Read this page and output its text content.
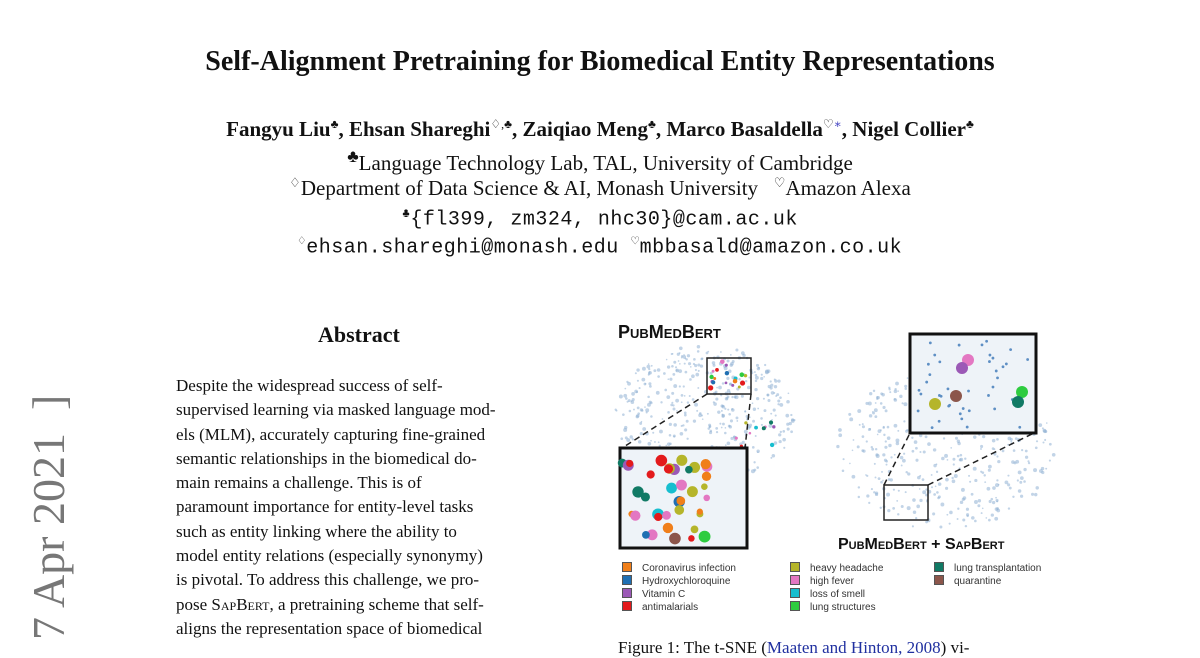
Self-Alignment Pretraining for Biomedical Entity Representations
Fangyu Liu♣, Ehsan Shareghi♢,♣, Zaiqiao Meng♣, Marco Basaldella♡∗, Nigel Collier♣
♣Language Technology Lab, TAL, University of Cambridge
♢Department of Data Science & AI, Monash University ♡Amazon Alexa
♣{fl399, zm324, nhc30}@cam.ac.uk
♢ehsan.shareghi@monash.edu ♡mbbasald@amazon.co.uk
7 Apr 2021  ]
Abstract
Despite the widespread success of self-
supervised learning via masked language mod-
els (MLM), accurately capturing fine-grained
semantic relationships in the biomedical do-
main remains a challenge. This is of
paramount importance for entity-level tasks
such as entity linking where the ability to
model entity relations (especially synonymy)
is pivotal. To address this challenge, we pro-
pose SapBert, a pretraining scheme that self-
aligns the representation space of biomedical
PubMedBert
PubMedBert + SapBert
Coronavirus infection
Hydroxychloroquine
Vitamin C
antimalarials
heavy headache
high fever
loss of smell
lung structures
lung transplantation
quarantine
Figure 1: The t-SNE (Maaten and Hinton, 2008) vi-
